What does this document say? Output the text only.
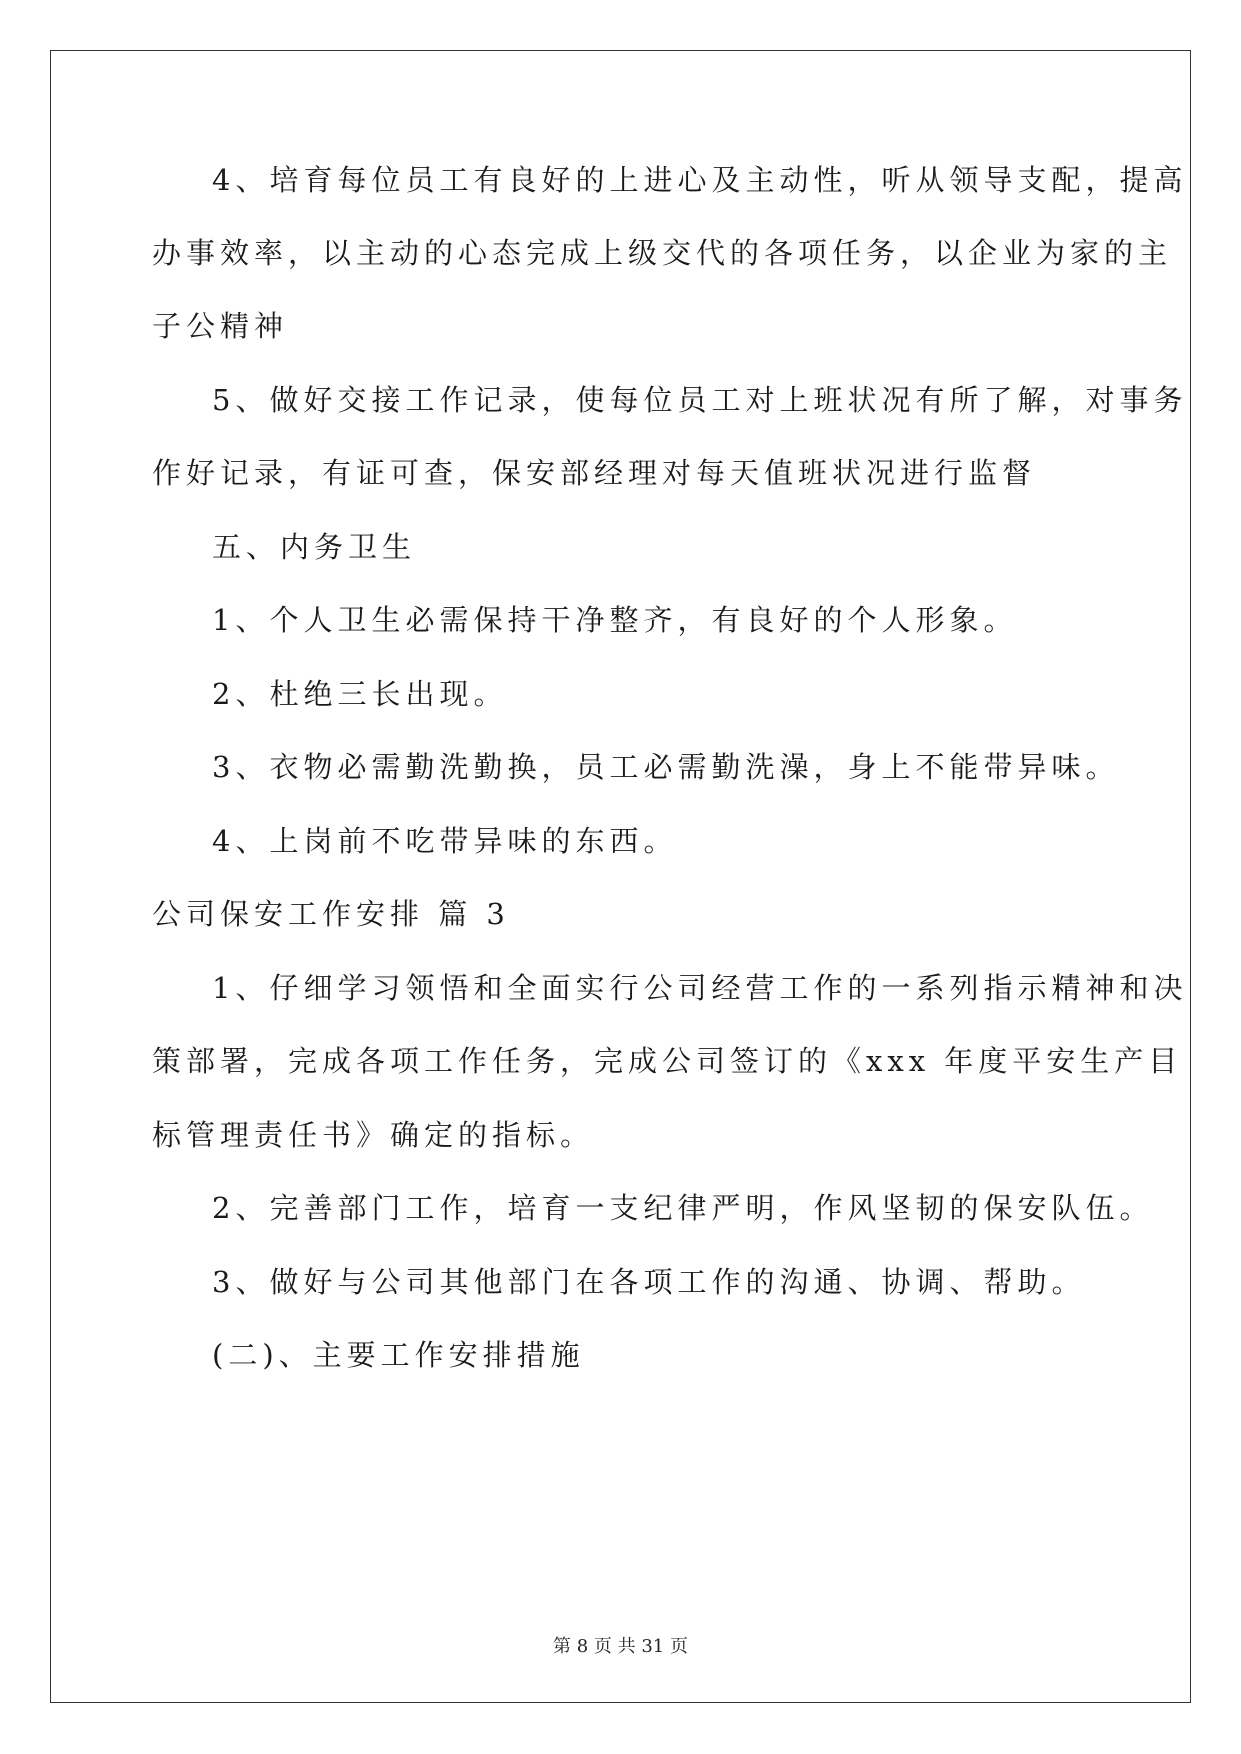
4、培育每位员工有良好的上进心及主动性，听从领导支配，提高
办事效率，以主动的心态完成上级交代的各项任务，以企业为家的主
子公精神
5、做好交接工作记录，使每位员工对上班状况有所了解，对事务
作好记录，有证可查，保安部经理对每天值班状况进行监督
五、内务卫生
1、个人卫生必需保持干净整齐，有良好的个人形象。
2、杜绝三长出现。
3、衣物必需勤洗勤换，员工必需勤洗澡，身上不能带异味。
4、上岗前不吃带异味的东西。
公司保安工作安排 篇 3
1、仔细学习领悟和全面实行公司经营工作的一系列指示精神和决
策部署，完成各项工作任务，完成公司签订的《xxx 年度平安生产目
标管理责任书》确定的指标。
2、完善部门工作，培育一支纪律严明，作风坚韧的保安队伍。
3、做好与公司其他部门在各项工作的沟通、协调、帮助。
(二)、主要工作安排措施
第 8 页 共 31 页
